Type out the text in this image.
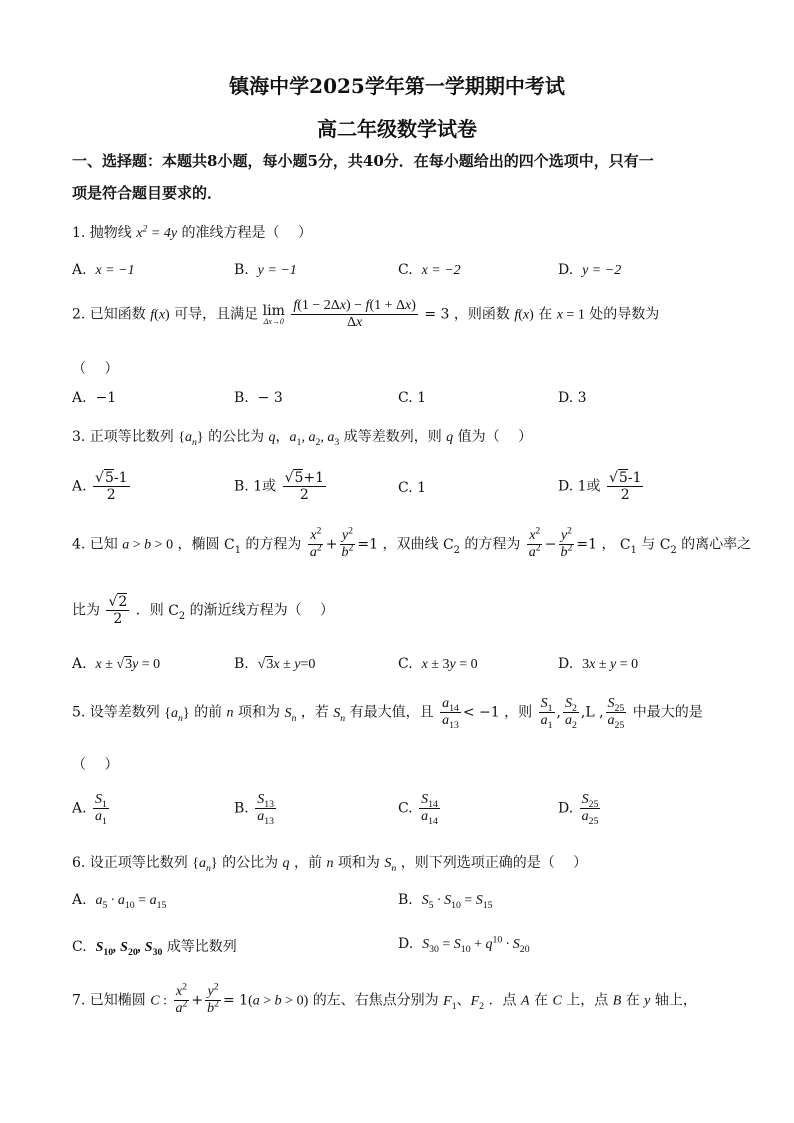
镇海中学2025学年第一学期期中考试
高二年级数学试卷
一、选择题：本题共8小题，每小题5分，共40分．在每小题给出的四个选项中，只有一
项是符合题目要求的．
1. 抛物线 $x^2 = 4y$ 的准线方程是（　 ）
A. x = −1	B. y = −1	C. x = −2	D. y = −2
2. 已知函数 f(x) 可导，且满足 lim
Δx→0
$\frac{f(1 - 2\Delta x) - f(1 + \Delta x)}{\Delta x} = 3$ ，则函数 f(x) 在 x = 1 处的导数为
（　 ）
A. −1	B. − 3	C. 1	D. 3
3. 正项等比数列 $\{a_n\}$ 的公比为 q，$a_1$, $a_2$, $a_3$ 成等差数列，则 q 值为（　 ）
A. $\frac{√5-1}{2}$	B. 1或 $\frac{√5+1}{2}$	C. 1	D. 1或 $\frac{√5-1}{2}$
4. 已知 a > b > 0 ，椭圆 $C_1$ 的方程为 $\frac{x^2}{a^2} + \frac{y^2}{b^2} =1$ ，双曲线 $C_2$ 的方程为 $\frac{x^2}{a^2} - \frac{y^2}{b^2} =1$ ， $C_1$ 与 $C_2$ 的离心率之
比为 $\frac{√2}{2}$ ．则 $C_2$ 的渐近线方程为（　 ）
A. x ± √3y = 0	B. √3x ± y=0	C. x ± 3y = 0	D. 3x ± y = 0
5. 设等差数列 $\{a_n\}$ 的前 n 项和为 $S_n$ ，若 $S_n$ 有最大值，且 $\frac{a_{14}}{a_{13}} < -1$ ，则 $\frac{S_1}{a_1}$ , $\frac{S_2}{a_2} ,L$ , $\frac{S_{25}}{a_{25}}$ 中最大的是
（　 ）
A. $\frac{S_1}{a_1}$	B. $\frac{S_{13}}{a_{13}}$	C. $\frac{S_{14}}{a_{14}}$	D. $\frac{S_{25}}{a_{25}}$
6. 设正项等比数列 $\{a_n\}$ 的公比为 q ，前 n 项和为 $S_n$ ，则下列选项正确的是（　 ）
A. $a_5 \cdot a_{10} = a_{15}$	B. $S_5 \cdot S_{10} = S_{15}$
C. $S_{10}$, $S_{20}$, $S_{30}$ 成等比数列	D. $S_{30} = S_{10} + q^{10} \cdot S_{20}$
7. 已知椭圆 C : $\frac{x^2}{a^2} + \frac{y^2}{b^2} = 1(a > b > 0)$ 的左、右焦点分别为 $F_1$、$F_2$ ．点 A 在 C 上，点 B 在 y 轴上，
